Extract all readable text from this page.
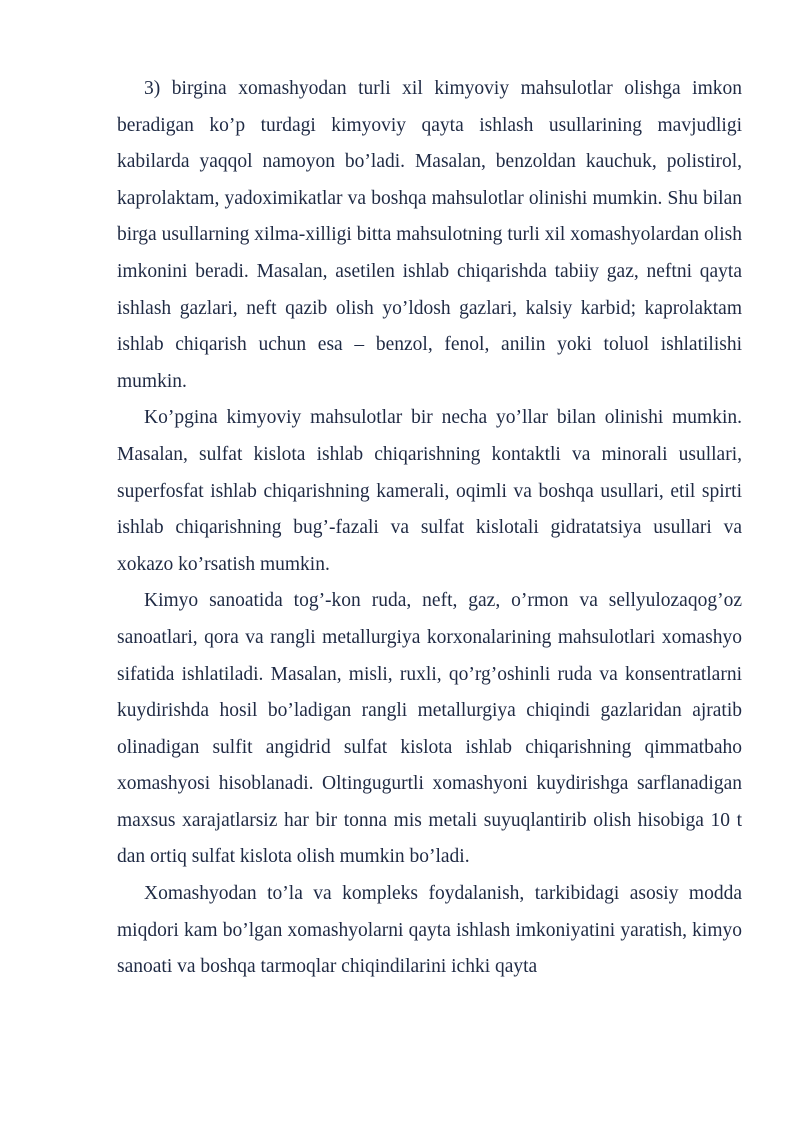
3) birgina xomashyodan turli xil kimyoviy mahsulotlar olishga imkon beradigan ko’p turdagi kimyoviy qayta ishlash usullarining mavjudligi kabilarda yaqqol namoyon bo’ladi. Masalan, benzoldan kauchuk, polistirol, kaprolaktam, yadoximikatlar va boshqa mahsulotlar olinishi mumkin. Shu bilan birga usullarning xilma-xilligi bitta mahsulotning turli xil xomashyolardan olish imkonini beradi. Masalan, asetilen ishlab chiqarishda tabiiy gaz, neftni qayta ishlash gazlari, neft qazib olish yo’ldosh gazlari, kalsiy karbid; kaprolaktam ishlab chiqarish uchun esa – benzol, fenol, anilin yoki toluol ishlatilishi mumkin.

Ko’pgina kimyoviy mahsulotlar bir necha yo’llar bilan olinishi mumkin. Masalan, sulfat kislota ishlab chiqarishning kontaktli va minorali usullari, superfosfat ishlab chiqarishning kamerali, oqimli va boshqa usullari, etil spirti ishlab chiqarishning bug’-fazali va sulfat kislotali gidratatsiya usullari va xokazo ko’rsatish mumkin.

Kimyo sanoatida tog’-kon ruda, neft, gaz, o’rmon va sellyulozaqog’oz sanoatlari, qora va rangli metallurgiya korxonalarining mahsulotlari xomashyo sifatida ishlatiladi. Masalan, misli, ruxli, qo’rg’oshinli ruda va konsentratlarni kuydirishda hosil bo’ladigan rangli metallurgiya chiqindi gazlaridan ajratib olinadigan sulfit angidrid sulfat kislota ishlab chiqarishning qimmatbaho xomashyosi hisoblanadi. Oltingugurtli xomashyoni kuydirishga sarflanadigan maxsus xarajatlarsiz har bir tonna mis metali suyuqlantirib olish hisobiga 10 t dan ortiq sulfat kislota olish mumkin bo’ladi.

Xomashyodan to’la va kompleks foydalanish, tarkibidagi asosiy modda miqdori kam bo’lgan xomashyolarni qayta ishlash imkoniyatini yaratish, kimyo sanoati va boshqa tarmoqlar chiqindilarini ichki qayta
